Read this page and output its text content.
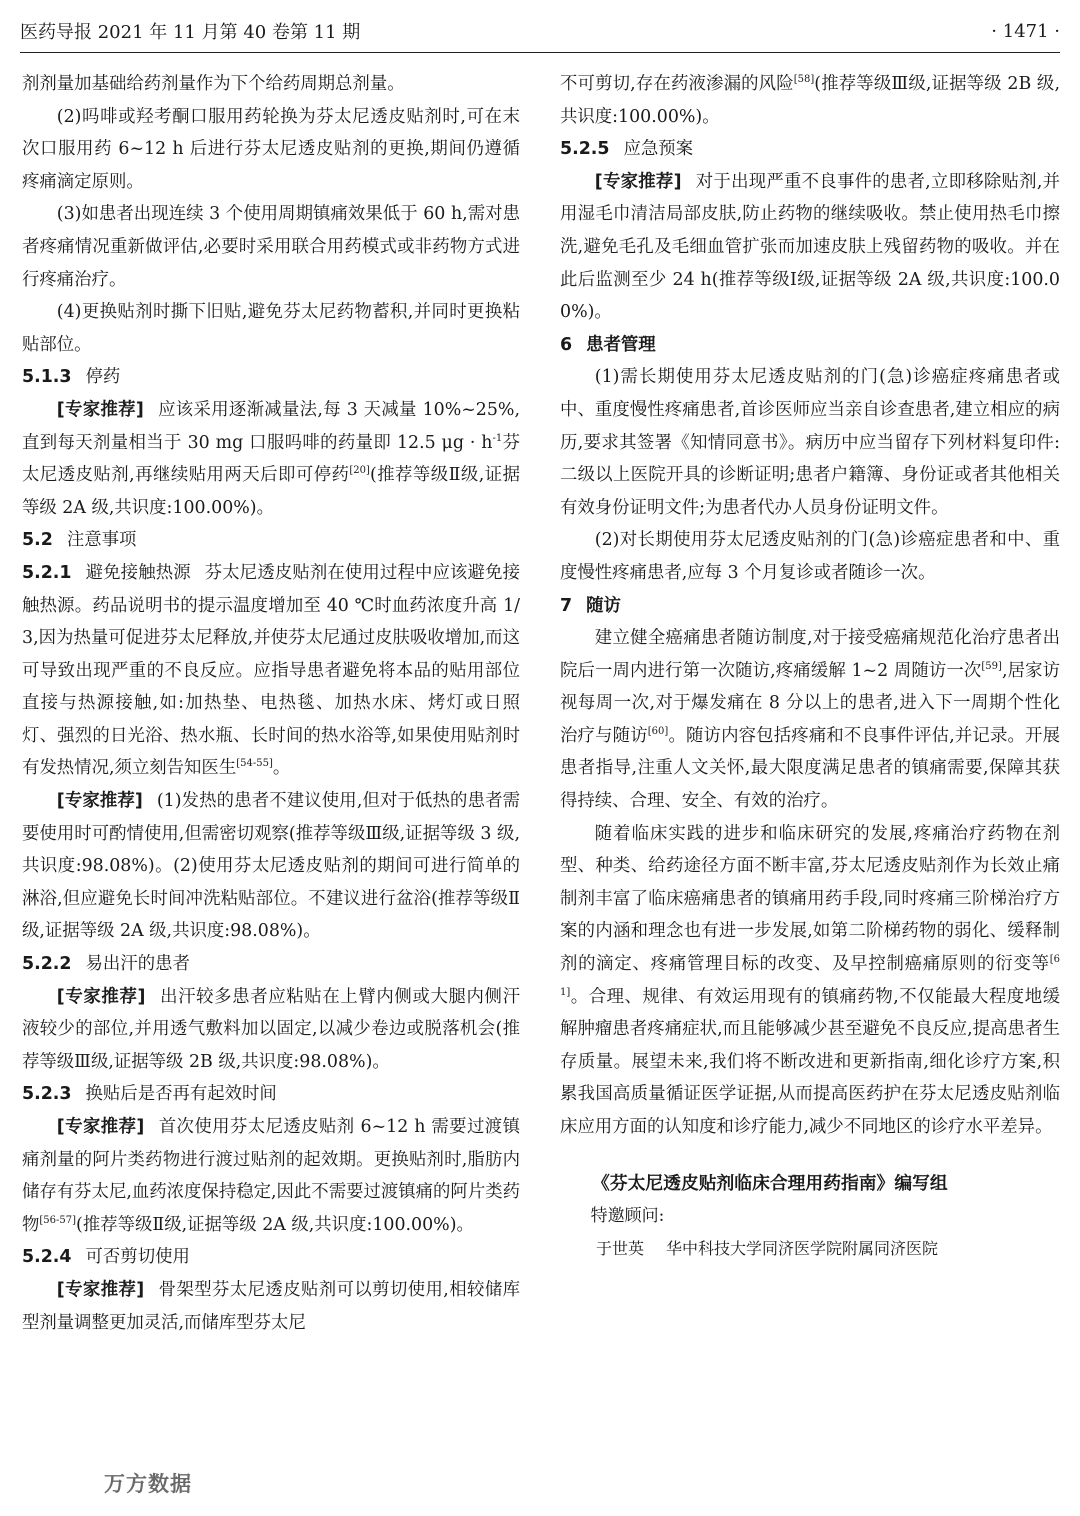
医药导报 2021 年 11 月第 40 卷第 11 期	· 1471 ·

剂剂量加基础给药剂量作为下个给药周期总剂量。

(2)吗啡或羟考酮口服用药轮换为芬太尼透皮贴剂时,可在末次口服用药 6~12 h 后进行芬太尼透皮贴剂的更换,期间仍遵循疼痛滴定原则。

(3)如患者出现连续 3 个使用周期镇痛效果低于 60 h,需对患者疼痛情况重新做评估,必要时采用联合用药模式或非药物方式进行疼痛治疗。

(4)更换贴剂时撕下旧贴,避免芬太尼药物蓄积,并同时更换粘贴部位。

5.1.3 停药

[专家推荐] 应该采用逐渐减量法,每 3 天减量 10%~25%,直到每天剂量相当于 30 mg 口服吗啡的药量即 12.5 $\mu g \cdot h^{-1}$芬太尼透皮贴剂,再继续贴用两天后即可停药[20](推荐等级Ⅱ级,证据等级 2A 级,共识度:100.00%)。

5.2 注意事项

5.2.1 避免接触热源 芬太尼透皮贴剂在使用过程中应该避免接触热源。药品说明书的提示温度增加至 40 ℃时血药浓度升高 1/3,因为热量可促进芬太尼释放,并使芬太尼通过皮肤吸收增加,而这可导致出现严重的不良反应。应指导患者避免将本品的贴用部位直接与热源接触,如:加热垫、电热毯、加热水床、烤灯或日照灯、强烈的日光浴、热水瓶、长时间的热水浴等,如果使用贴剂时有发热情况,须立刻告知医生[54-55]。

[专家推荐] (1)发热的患者不建议使用,但对于低热的患者需要使用时可酌情使用,但需密切观察(推荐等级Ⅲ级,证据等级 3 级,共识度:98.08%)。(2)使用芬太尼透皮贴剂的期间可进行简单的淋浴,但应避免长时间冲洗粘贴部位。不建议进行盆浴(推荐等级Ⅱ级,证据等级 2A 级,共识度:98.08%)。

5.2.2 易出汗的患者

[专家推荐] 出汗较多患者应粘贴在上臂内侧或大腿内侧汗液较少的部位,并用透气敷料加以固定,以减少卷边或脱落机会(推荐等级Ⅲ级,证据等级 2B 级,共识度:98.08%)。

5.2.3 换贴后是否再有起效时间

[专家推荐] 首次使用芬太尼透皮贴剂 6~12 h 需要过渡镇痛剂量的阿片类药物进行渡过贴剂的起效期。更换贴剂时,脂肪内储存有芬太尼,血药浓度保持稳定,因此不需要过渡镇痛的阿片类药物[56-57](推荐等级Ⅱ级,证据等级 2A 级,共识度:100.00%)。

5.2.4 可否剪切使用

[专家推荐] 骨架型芬太尼透皮贴剂可以剪切使用,相较储库型剂量调整更加灵活,而储库型芬太尼

不可剪切,存在药液渗漏的风险[58](推荐等级Ⅲ级,证据等级 2B 级,共识度:100.00%)。

5.2.5 应急预案

[专家推荐] 对于出现严重不良事件的患者,立即移除贴剂,并用湿毛巾清洁局部皮肤,防止药物的继续吸收。禁止使用热毛巾擦洗,避免毛孔及毛细血管扩张而加速皮肤上残留药物的吸收。并在此后监测至少 24 h(推荐等级Ⅰ级,证据等级 2A 级,共识度:100.00%)。

6 患者管理

(1)需长期使用芬太尼透皮贴剂的门(急)诊癌症疼痛患者或中、重度慢性疼痛患者,首诊医师应当亲自诊查患者,建立相应的病历,要求其签署《知情同意书》。病历中应当留存下列材料复印件:二级以上医院开具的诊断证明;患者户籍簿、身份证或者其他相关有效身份证明文件;为患者代办人员身份证明文件。

(2)对长期使用芬太尼透皮贴剂的门(急)诊癌症患者和中、重度慢性疼痛患者,应每 3 个月复诊或者随诊一次。

7 随访

建立健全癌痛患者随访制度,对于接受癌痛规范化治疗患者出院后一周内进行第一次随访,疼痛缓解 1~2 周随访一次[59],居家访视每周一次,对于爆发痛在 8 分以上的患者,进入下一周期个性化治疗与随访[60]。随访内容包括疼痛和不良事件评估,并记录。开展患者指导,注重人文关怀,最大限度满足患者的镇痛需要,保障其获得持续、合理、安全、有效的治疗。

随着临床实践的进步和临床研究的发展,疼痛治疗药物在剂型、种类、给药途径方面不断丰富,芬太尼透皮贴剂作为长效止痛制剂丰富了临床癌痛患者的镇痛用药手段,同时疼痛三阶梯治疗方案的内涵和理念也有进一步发展,如第二阶梯药物的弱化、缓释制剂的滴定、疼痛管理目标的改变、及早控制癌痛原则的衍变等[61]。合理、规律、有效运用现有的镇痛药物,不仅能最大程度地缓解肿瘤患者疼痛症状,而且能够减少甚至避免不良反应,提高患者生存质量。展望未来,我们将不断改进和更新指南,细化诊疗方案,积累我国高质量循证医学证据,从而提高医药护在芬太尼透皮贴剂临床应用方面的认知度和诊疗能力,减少不同地区的诊疗水平差异。

《芬太尼透皮贴剂临床合理用药指南》编写组
特邀顾问:
于世英 华中科技大学同济医学院附属同济医院
万方数据
